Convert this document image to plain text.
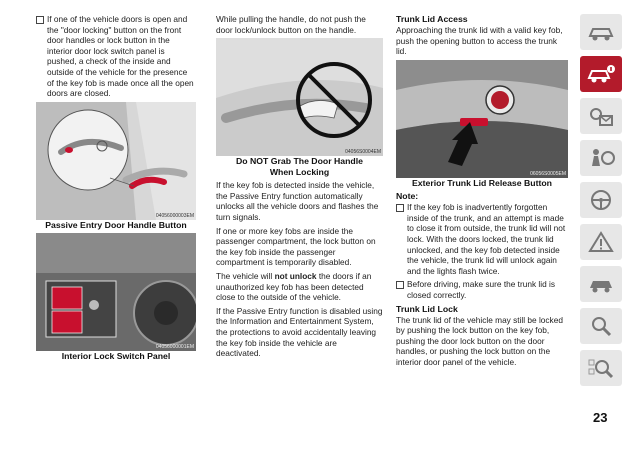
If one of the vehicle doors is open and the "door locking" button on the front door handles or lock button in the interior door lock switch panel is pushed, a check of the inside and outside of the vehicle for the presence of the key fob is made once all the open doors are closed.

04056000003EM
Passive Entry Door Handle Button
04056000001EM
Interior Lock Switch Panel

While pulling the handle, do not push the door lock/unlock button on the handle.

04056S0004EM
Do NOT Grab The Door Handle When Locking

If the key fob is detected inside the vehicle, the Passive Entry function automatically unlocks all the vehicle doors and flashes the turn signals.

If one or more key fobs are inside the passenger compartment, the lock button on the key fob inside the passenger compartment is temporarily disabled.

The vehicle will not unlock the doors if an unauthorized key fob has been detected close to the outside of the vehicle.

If the Passive Entry function is disabled using the Information and Entertainment System, the protections to avoid accidentally leaving the key fob inside the vehicle are deactivated.

Trunk Lid Access

Approaching the trunk lid with a valid key fob, push the opening button to access the trunk lid.

06056S0005EM
Exterior Trunk Lid Release Button
Note:

If the key fob is inadvertently forgotten inside of the trunk, and an attempt is made to close it from outside, the trunk lid will not lock. With the doors locked, the trunk lid unlocked, and the key fob detected inside the vehicle, the trunk lid will unlock again and the lights flash twice.

Before driving, make sure the trunk lid is closed correctly.

Trunk Lid Lock

The trunk lid of the vehicle may still be locked by pushing the lock button on the key fob, pushing the door lock button on the door handles, or pushing the lock button on the interior door panel of the vehicle.

23
